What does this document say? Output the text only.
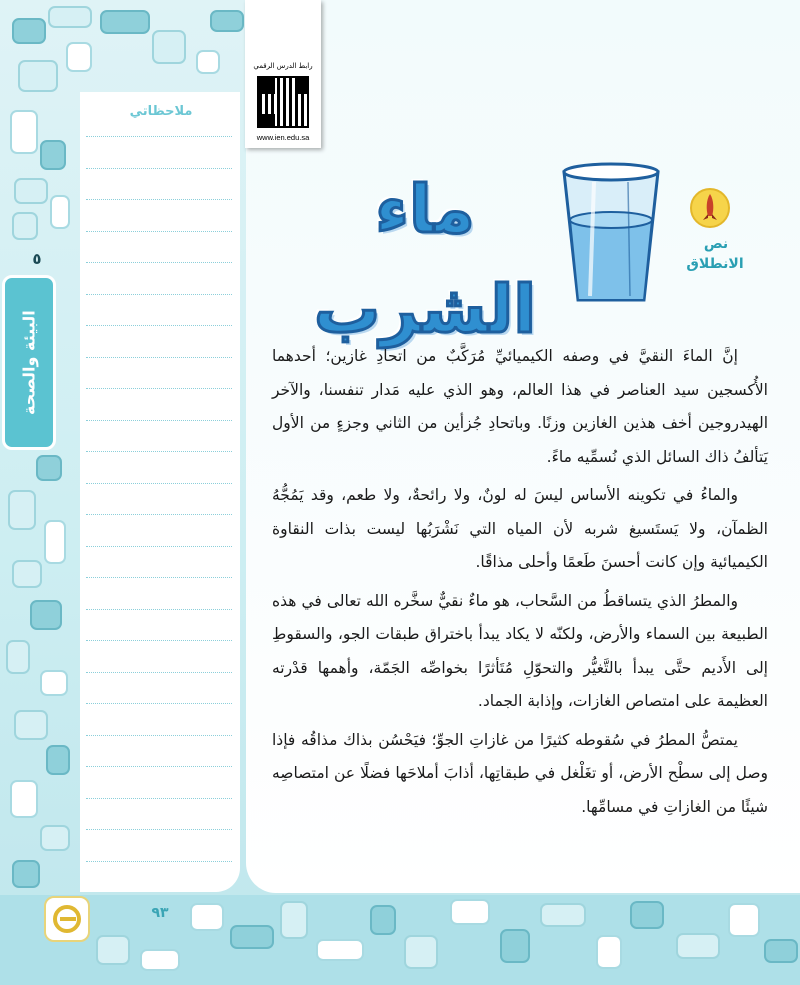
ملاحظاتي
٥
البيئة والصحة
رابط الدرس الرقمي
www.ien.edu.sa
ماء الشرب
نص
الانطلاق

إنَّ الماءَ النقيَّ في وصفه الكيميائيِّ مُرَكَّبٌ من اتحادِ غازين؛ أحدهما الأُكسجين سيد العناصر في هذا العالم، وهو الذي عليه مَدار تنفسنا، والآخر الهيدروجين أخف هذين الغازين وزنًا. وباتحادِ جُزأين من الثاني وجزءٍ من الأول يَتألفُ ذاك السائل الذي نُسمِّيه ماءً.

والماءُ في تكوينه الأساس ليسَ له لونٌ، ولا رائحةٌ، ولا طعم، وقد يَمُجُّهُ الظمآن، ولا يَستَسيغ شربه لأن المياه التي نَشْرَبُها ليست بذات النقاوة الكيميائية وإن كانت أحسنَ طَعمًا وأحلى مذاقًا.

والمطرُ الذي يتساقطُ من السَّحاب، هو ماءٌ نقيٌّ سخَّره الله تعالى في هذه الطبيعة بين السماء والأرض، ولكنّه لا يكاد يبدأ باختراق طبقات الجو، والسقوطِ إلى الأَديم حتَّى يبدأ بالتَّغيُّر والتحوّلِ مُتَأثرًا بخواصِّه الجَمّة، وأهمها قدْرته العظيمة على امتصاص الغازات، وإذابة الجماد.

يمتصُّ المطرُ في سُقوطه كثيرًا من غازاتِ الجوِّ؛ فيَحْسُن بذاك مذاقُه فإذا وصل إلى سطْح الأرض، أو تغَلْغل في طبقاتِها، أذابَ أملاحَها فضلًا عن امتصاصِه شيئًا من الغازاتِ في مسامِّها.

٩٣
